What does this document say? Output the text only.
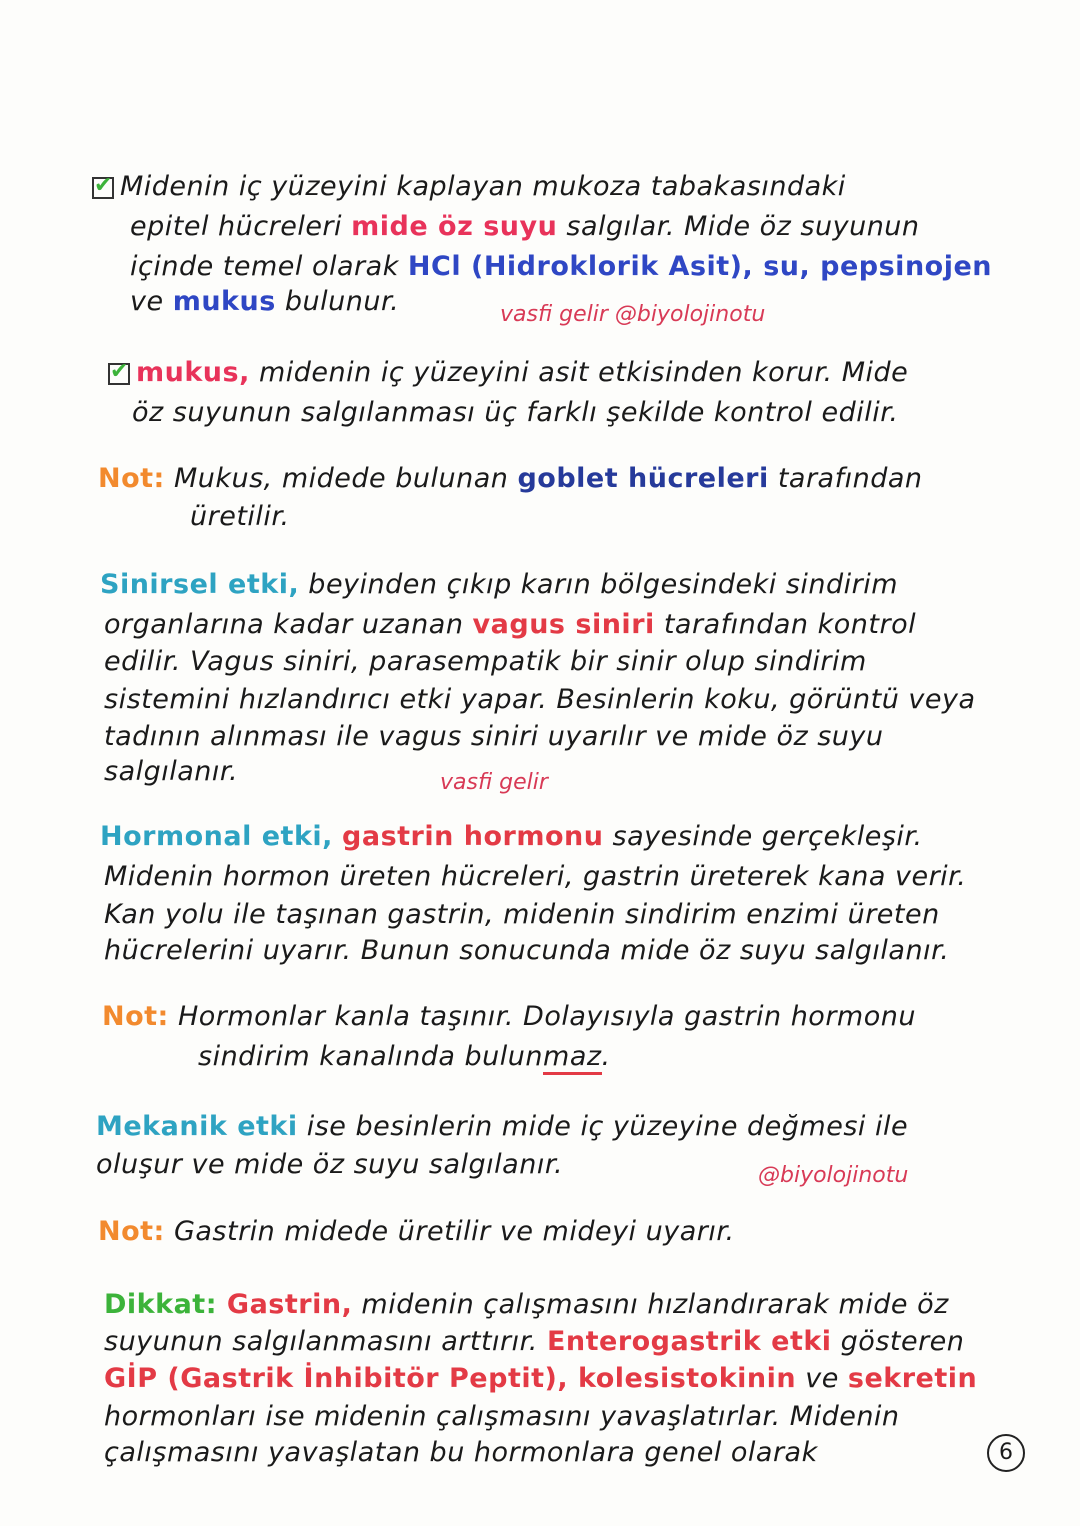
✔Midenin iç yüzeyini kaplayan mukoza tabakasındaki
epitel hücreleri mide öz suyu salgılar. Mide öz suyunun
içinde temel olarak HCl (Hidroklorik Asit), su, pepsinojen
ve mukus bulunur.	vasfi gelir @biyolojinotu
✔mukus, midenin iç yüzeyini asit etkisinden korur. Mide
öz suyunun salgılanması üç farklı şekilde kontrol edilir.
Not: Mukus, midede bulunan goblet hücreleri tarafından
üretilir.
Sinirsel etki, beyinden çıkıp karın bölgesindeki sindirim
organlarına kadar uzanan vagus siniri tarafından kontrol
edilir. Vagus siniri, parasempatik bir sinir olup sindirim
sistemini hızlandırıcı etki yapar. Besinlerin koku, görüntü veya
tadının alınması ile vagus siniri uyarılır ve mide öz suyu
salgılanır.	vasfi gelir
Hormonal etki, gastrin hormonu sayesinde gerçekleşir.
Midenin hormon üreten hücreleri, gastrin üreterek kana verir.
Kan yolu ile taşınan gastrin, midenin sindirim enzimi üreten
hücrelerini uyarır. Bunun sonucunda mide öz suyu salgılanır.
Not: Hormonlar kanla taşınır. Dolayısıyla gastrin hormonu
sindirim kanalında bulunmaz.
Mekanik etki ise besinlerin mide iç yüzeyine değmesi ile
oluşur ve mide öz suyu salgılanır.	@biyolojinotu
Not: Gastrin midede üretilir ve mideyi uyarır.
Dikkat: Gastrin, midenin çalışmasını hızlandırarak mide öz
suyunun salgılanmasını arttırır. Enterogastrik etki gösteren
GİP (Gastrik İnhibitör Peptit), kolesistokinin ve sekretin
hormonları ise midenin çalışmasını yavaşlatırlar. Midenin
çalışmasını yavaşlatan bu hormonlara genel olarak	6
